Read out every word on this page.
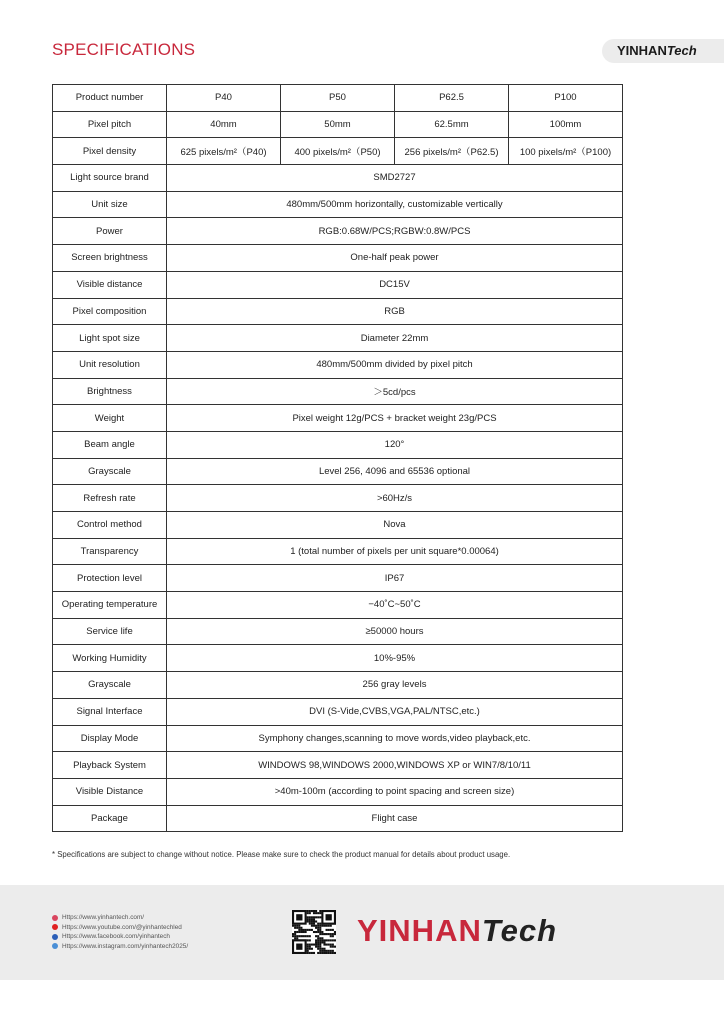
SPECIFICATIONS	YINHANTech
Product number	P40	P50	P62.5	P100
Pixel pitch	40mm	50mm	62.5mm	100mm
Pixel density	625 pixels/m²（P40)	400 pixels/m²（P50)	256 pixels/m²（P62.5)	100 pixels/m²（P100)
Light source brand	SMD2727			
Unit size	480mm/500mm horizontally, customizable vertically			
Power	RGB:0.68W/PCS;RGBW:0.8W/PCS			
Screen brightness	One-half peak power			
Visible distance	DC15V			
Pixel composition	RGB			
Light spot size	Diameter 22mm			
Unit resolution	480mm/500mm divided by pixel pitch			
Brightness	＞5cd/pcs			
Weight	Pixel weight 12g/PCS + bracket weight 23g/PCS			
Beam angle	120°			
Grayscale	Level 256, 4096 and 65536 optional			
Refresh rate	>60Hz/s			
Control method	Nova			
Transparency	1 (total number of pixels per unit square*0.00064)			
Protection level	IP67			
Operating temperature	−40˚C~50˚C			
Service life	≥50000 hours			
Working Humidity	10%-95%			
Grayscale	256 gray levels			
Signal Interface	DVI (S-Vide,CVBS,VGA,PAL/NTSC,etc.)			
Display Mode	Symphony changes,scanning to move words,video playback,etc.			
Playback System	WINDOWS 98,WINDOWS 2000,WINDOWS XP or WIN7/8/10/11			
Visible Distance	>40m-100m (according to point spacing and screen size)			
Package	Flight case			
* Specifications are subject to change without notice. Please make sure to check the product manual for details about product usage.
Https://www.yinhantech.com/
Https://www.youtube.com/@yinhantechled
Https://www.facebook.com/yinhantech
Https://www.instagram.com/yinhantech2025/	YINHANTech
